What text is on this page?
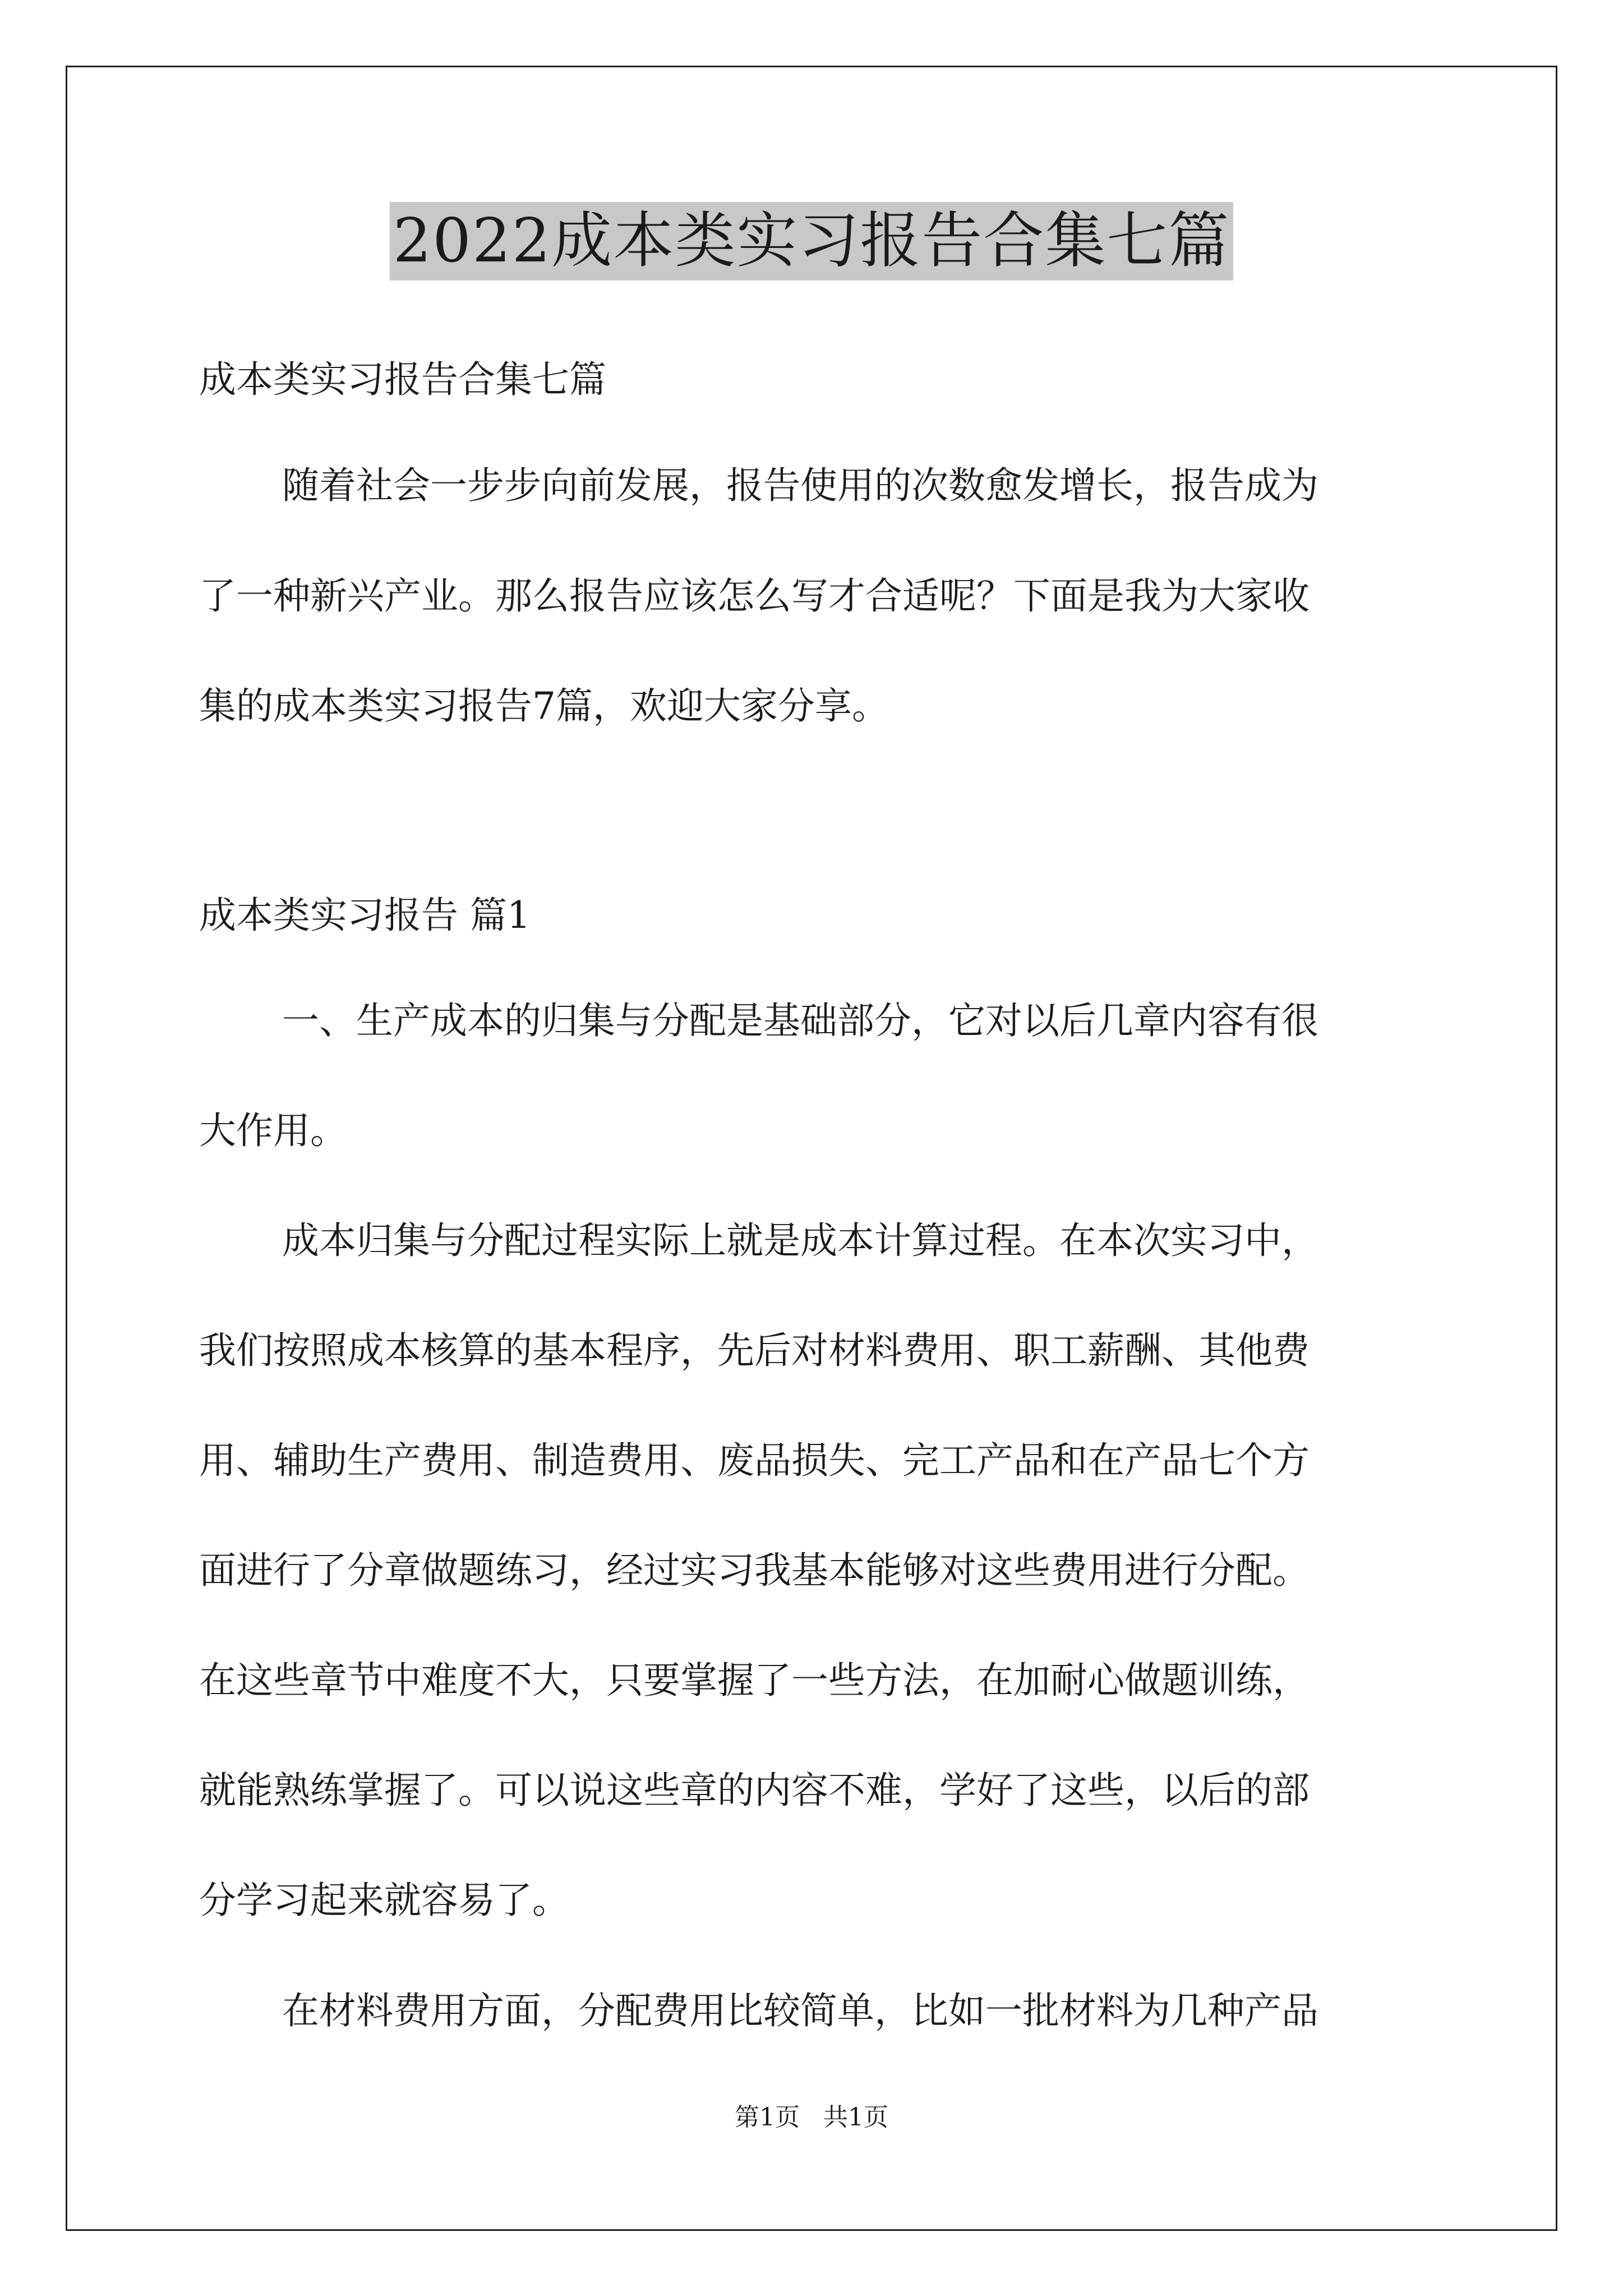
2022成本类实习报告合集七篇

成本类实习报告合集七篇

随着社会一步步向前发展，报告使用的次数愈发增长，报告成为

了一种新兴产业。那么报告应该怎么写才合适呢？下面是我为大家收

集的成本类实习报告7篇，欢迎大家分享。

成本类实习报告 篇1

一、生产成本的归集与分配是基础部分，它对以后几章内容有很

大作用。

成本归集与分配过程实际上就是成本计算过程。在本次实习中，

我们按照成本核算的基本程序，先后对材料费用、职工薪酬、其他费

用、辅助生产费用、制造费用、废品损失、完工产品和在产品七个方

面进行了分章做题练习，经过实习我基本能够对这些费用进行分配。

在这些章节中难度不大，只要掌握了一些方法，在加耐心做题训练，

就能熟练掌握了。可以说这些章的内容不难，学好了这些，以后的部

分学习起来就容易了。

在材料费用方面，分配费用比较简单，比如一批材料为几种产品

第1页   共1页
